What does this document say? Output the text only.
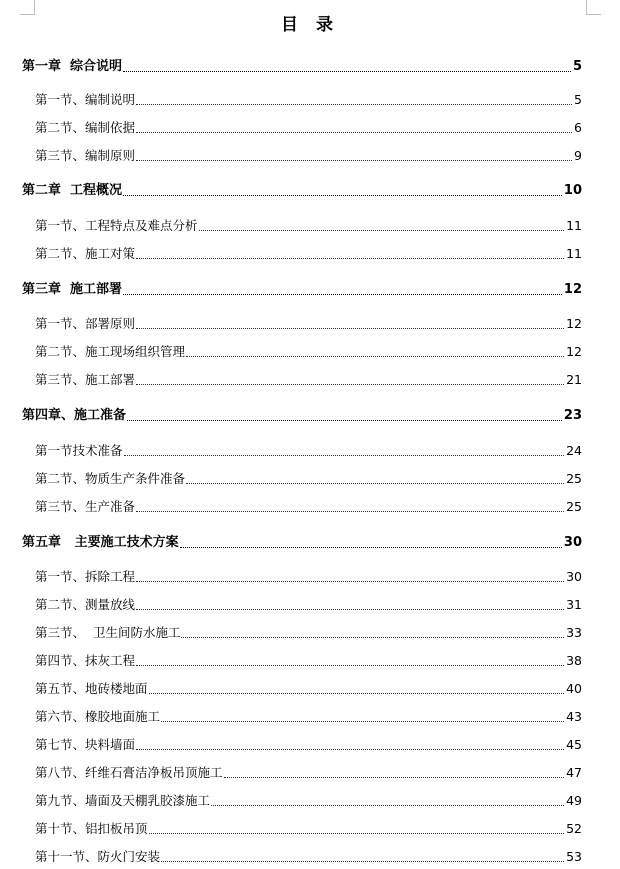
目 录
第一章  综合说明	5
第一节、编制说明	5
第二节、编制依据	6
第三节、编制原则	9
第二章  工程概况	10
第一节、工程特点及难点分析	11
第二节、施工对策	11
第三章  施工部署	12
第一节、部署原则	12
第二节、施工现场组织管理	12
第三节、施工部署	21
第四章、施工准备	23
第一节技术准备	24
第二节、物质生产条件准备	25
第三节、生产准备	25
第五章   主要施工技术方案	30
第一节、拆除工程	30
第二节、测量放线	31
第三节、  卫生间防水施工	33
第四节、抹灰工程	38
第五节、地砖楼地面	40
第六节、橡胶地面施工	43
第七节、块料墙面	45
第八节、纤维石膏洁净板吊顶施工	47
第九节、墙面及天棚乳胶漆施工	49
第十节、铝扣板吊顶	52
第十一节、防火门安装	53
